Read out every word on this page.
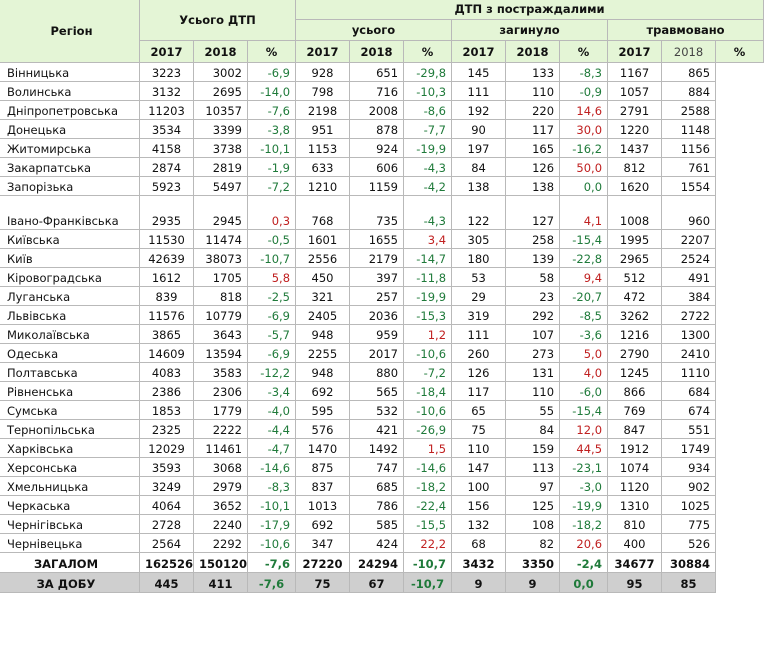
Регіон	Усього ДТП			ДТП з постраждалими								
				усього			загинуло			травмовано		
	2017	2018	%	2017	2018	%	2017	2018	%	2017	2018	%
Вінницька	3223	3002	-6,9	928	651	-29,8	145	133	-8,3	1167	865	
Волинська	3132	2695	-14,0	798	716	-10,3	111	110	-0,9	1057	884	
Дніпропетровська	11203	10357	-7,6	2198	2008	-8,6	192	220	14,6	2791	2588	
Донецька	3534	3399	-3,8	951	878	-7,7	90	117	30,0	1220	1148	
Житомирська	4158	3738	-10,1	1153	924	-19,9	197	165	-16,2	1437	1156	
Закарпатська	2874	2819	-1,9	633	606	-4,3	84	126	50,0	812	761	
Запорізька	5923	5497	-7,2	1210	1159	-4,2	138	138	0,0	1620	1554	
Івано-Франківська	2935	2945	0,3	768	735	-4,3	122	127	4,1	1008	960	
Київська	11530	11474	-0,5	1601	1655	3,4	305	258	-15,4	1995	2207	
Київ	42639	38073	-10,7	2556	2179	-14,7	180	139	-22,8	2965	2524	
Кіровоградська	1612	1705	5,8	450	397	-11,8	53	58	9,4	512	491	
Луганська	839	818	-2,5	321	257	-19,9	29	23	-20,7	472	384	
Львівська	11576	10779	-6,9	2405	2036	-15,3	319	292	-8,5	3262	2722	
Миколаївська	3865	3643	-5,7	948	959	1,2	111	107	-3,6	1216	1300	
Одеська	14609	13594	-6,9	2255	2017	-10,6	260	273	5,0	2790	2410	
Полтавська	4083	3583	-12,2	948	880	-7,2	126	131	4,0	1245	1110	
Рівненська	2386	2306	-3,4	692	565	-18,4	117	110	-6,0	866	684	
Сумська	1853	1779	-4,0	595	532	-10,6	65	55	-15,4	769	674	
Тернопільська	2325	2222	-4,4	576	421	-26,9	75	84	12,0	847	551	
Харківська	12029	11461	-4,7	1470	1492	1,5	110	159	44,5	1912	1749	
Херсонська	3593	3068	-14,6	875	747	-14,6	147	113	-23,1	1074	934	
Хмельницька	3249	2979	-8,3	837	685	-18,2	100	97	-3,0	1120	902	
Черкаська	4064	3652	-10,1	1013	786	-22,4	156	125	-19,9	1310	1025	
Чернігівська	2728	2240	-17,9	692	585	-15,5	132	108	-18,2	810	775	
Чернівецька	2564	2292	-10,6	347	424	22,2	68	82	20,6	400	526	
ЗАГАЛОМ	162526	150120	-7,6	27220	24294	-10,7	3432	3350	-2,4	34677	30884	
ЗА ДОБУ	445	411	-7,6	75	67	-10,7	9	9	0,0	95	85	
